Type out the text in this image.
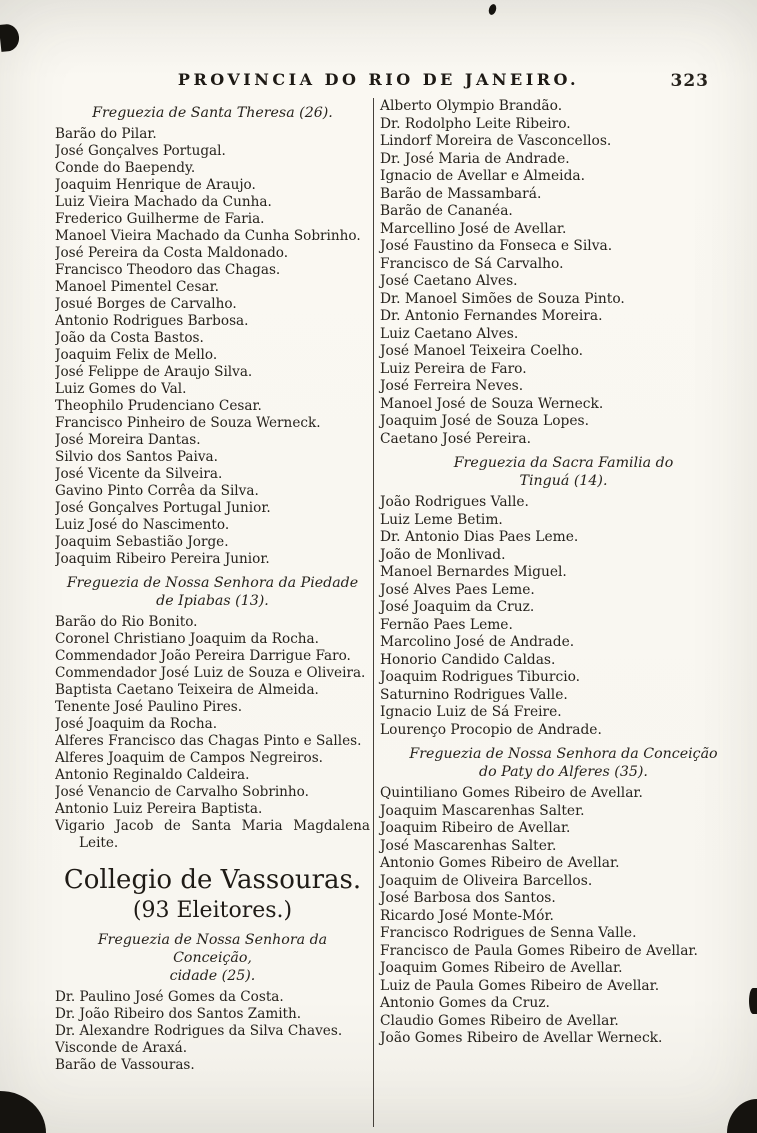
PROVINCIA DO RIO DE JANEIRO.	323
Freguezia de Santa Theresa (26).
Barão do Pilar.
José Gonçalves Portugal.
Conde do Baependy.
Joaquim Henrique de Araujo.
Luiz Vieira Machado da Cunha.
Frederico Guilherme de Faria.
Manoel Vieira Machado da Cunha Sobrinho.
José Pereira da Costa Maldonado.
Francisco Theodoro das Chagas.
Manoel Pimentel Cesar.
Josué Borges de Carvalho.
Antonio Rodrigues Barbosa.
João da Costa Bastos.
Joaquim Felix de Mello.
José Felippe de Araujo Silva.
Luiz Gomes do Val.
Theophilo Prudenciano Cesar.
Francisco Pinheiro de Souza Werneck.
José Moreira Dantas.
Silvio dos Santos Paiva.
José Vicente da Silveira.
Gavino Pinto Corrêa da Silva.
José Gonçalves Portugal Junior.
Luiz José do Nascimento.
Joaquim Sebastião Jorge.
Joaquim Ribeiro Pereira Junior.
Freguezia de Nossa Senhora da Piedade
de Ipiabas (13).
Barão do Rio Bonito.
Coronel Christiano Joaquim da Rocha.
Commendador João Pereira Darrigue Faro.
Commendador José Luiz de Souza e Oliveira.
Baptista Caetano Teixeira de Almeida.
Tenente José Paulino Pires.
José Joaquim da Rocha.
Alferes Francisco das Chagas Pinto e Salles.
Alferes Joaquim de Campos Negreiros.
Antonio Reginaldo Caldeira.
José Venancio de Carvalho Sobrinho.
Antonio Luiz Pereira Baptista.
Vigario Jacob de Santa Maria Magdalena Leite.
Collegio de Vassouras.
(93 Eleitores.)
Freguezia de Nossa Senhora da Conceição,
cidade (25).
Dr. Paulino José Gomes da Costa.
Dr. João Ribeiro dos Santos Zamith.
Dr. Alexandre Rodrigues da Silva Chaves.
Visconde de Araxá.
Barão de Vassouras.
Alberto Olympio Brandão.
Dr. Rodolpho Leite Ribeiro.
Lindorf Moreira de Vasconcellos.
Dr. José Maria de Andrade.
Ignacio de Avellar e Almeida.
Barão de Massambará.
Barão de Cananéa.
Marcellino José de Avellar.
José Faustino da Fonseca e Silva.
Francisco de Sá Carvalho.
José Caetano Alves.
Dr. Manoel Simões de Souza Pinto.
Dr. Antonio Fernandes Moreira.
Luiz Caetano Alves.
José Manoel Teixeira Coelho.
Luiz Pereira de Faro.
José Ferreira Neves.
Manoel José de Souza Werneck.
Joaquim José de Souza Lopes.
Caetano José Pereira.
Freguezia da Sacra Familia do
Tinguá (14).
João Rodrigues Valle.
Luiz Leme Betim.
Dr. Antonio Dias Paes Leme.
João de Monlivad.
Manoel Bernardes Miguel.
José Alves Paes Leme.
José Joaquim da Cruz.
Fernão Paes Leme.
Marcolino José de Andrade.
Honorio Candido Caldas.
Joaquim Rodrigues Tiburcio.
Saturnino Rodrigues Valle.
Ignacio Luiz de Sá Freire.
Lourenço Procopio de Andrade.
Freguezia de Nossa Senhora da Conceição
do Paty do Alferes (35).
Quintiliano Gomes Ribeiro de Avellar.
Joaquim Mascarenhas Salter.
Joaquim Ribeiro de Avellar.
José Mascarenhas Salter.
Antonio Gomes Ribeiro de Avellar.
Joaquim de Oliveira Barcellos.
José Barbosa dos Santos.
Ricardo José Monte-Mór.
Francisco Rodrigues de Senna Valle.
Francisco de Paula Gomes Ribeiro de Avellar.
Joaquim Gomes Ribeiro de Avellar.
Luiz de Paula Gomes Ribeiro de Avellar.
Antonio Gomes da Cruz.
Claudio Gomes Ribeiro de Avellar.
João Gomes Ribeiro de Avellar Werneck.
